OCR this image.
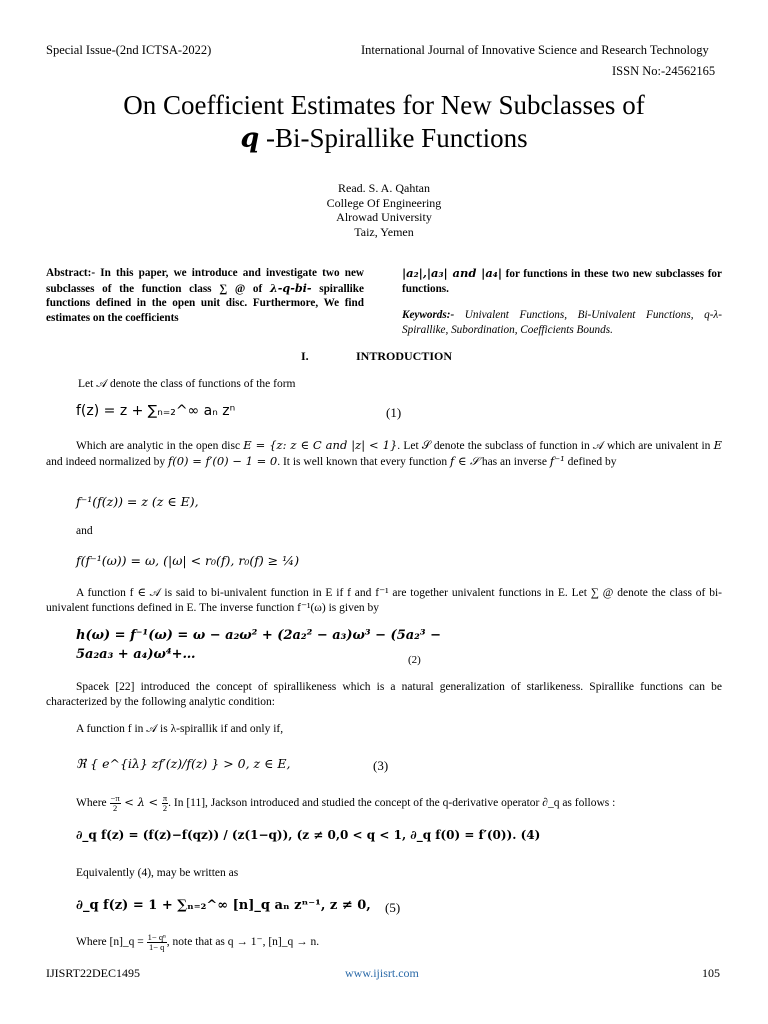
Special Issue-(2nd ICTSA-2022)	International Journal of Innovative Science and Research Technology
ISSN No:-24562165
On Coefficient Estimates for New Subclasses of
q -Bi-Spirallike Functions
Read. S. A. Qahtan
College Of Engineering
Alrowad University
Taiz, Yemen
Abstract:- In this paper, we introduce and investigate two new subclasses of the function class ∑ @ of λ-q-bi- spirallike functions defined in the open unit disc. Furthermore, We find estimates on the coefficients
|a₂|,|a₃| and |a₄| for functions in these two new subclasses for functions.
Keywords:- Univalent Functions, Bi-Univalent Functions, q-λ-Spirallike, Subordination, Coefficients Bounds.
I.	INTRODUCTION
Let 𝒜 denote the class of functions of the form
f(z) = z + ∑ₙ₌₂^∞ aₙ zⁿ	(1)
Which are analytic in the open disc E = {z: z ∈ C and |z| < 1}. Let 𝒮 denote the subclass of function in 𝒜 which are univalent in E and indeed normalized by f(0) = f′(0) − 1 = 0. It is well known that every function f ∈ 𝒮 has an inverse f⁻¹ defined by
f⁻¹(f(z)) = z (z ∈ E),
and
f(f⁻¹(ω)) = ω, (|ω| < r₀(f), r₀(f) ≥ ¼)
A function f ∈ 𝒜 is said to bi-univalent function in E if f and f⁻¹ are together univalent functions in E. Let ∑ @ denote the class of bi-univalent functions defined in E. The inverse function f⁻¹(ω) is given by
h(ω) = f⁻¹(ω) = ω − a₂ω² + (2a₂² − a₃)ω³ − (5a₂³ −
5a₂a₃ + a₄)ω⁴+…	(2)
Spacek [22] introduced the concept of spirallikeness which is a natural generalization of starlikeness. Spirallike functions can be characterized by the following analytic condition:
A function f in 𝒜 is λ-spirallik if and only if,
ℜ { e^{iλ} zf′(z)/f(z) } > 0, z ∈ E,	(3)
Where $\frac{-\pi}{2} < \lambda < \frac{\pi}{2}$ . In [11], Jackson introduced and studied the concept of the q-derivative operator ∂_q as follows :
∂_q f(z) = (f(z)−f(qz)) / (z(1−q)), (z ≠ 0,0 < q < 1, ∂_q f(0) = f′(0)). (4)
Equivalently (4), may be written as
∂_q f(z) = 1 + ∑ₙ₌₂^∞ [n]_q aₙ zⁿ⁻¹, z ≠ 0, (5)
Where [n]_q = $\frac{\text{1− qⁿ}}{1- q}$ , note that as q → 1⁻, [n]_q → n.
IJISRT22DEC1495	www.ijisrt.com	105
